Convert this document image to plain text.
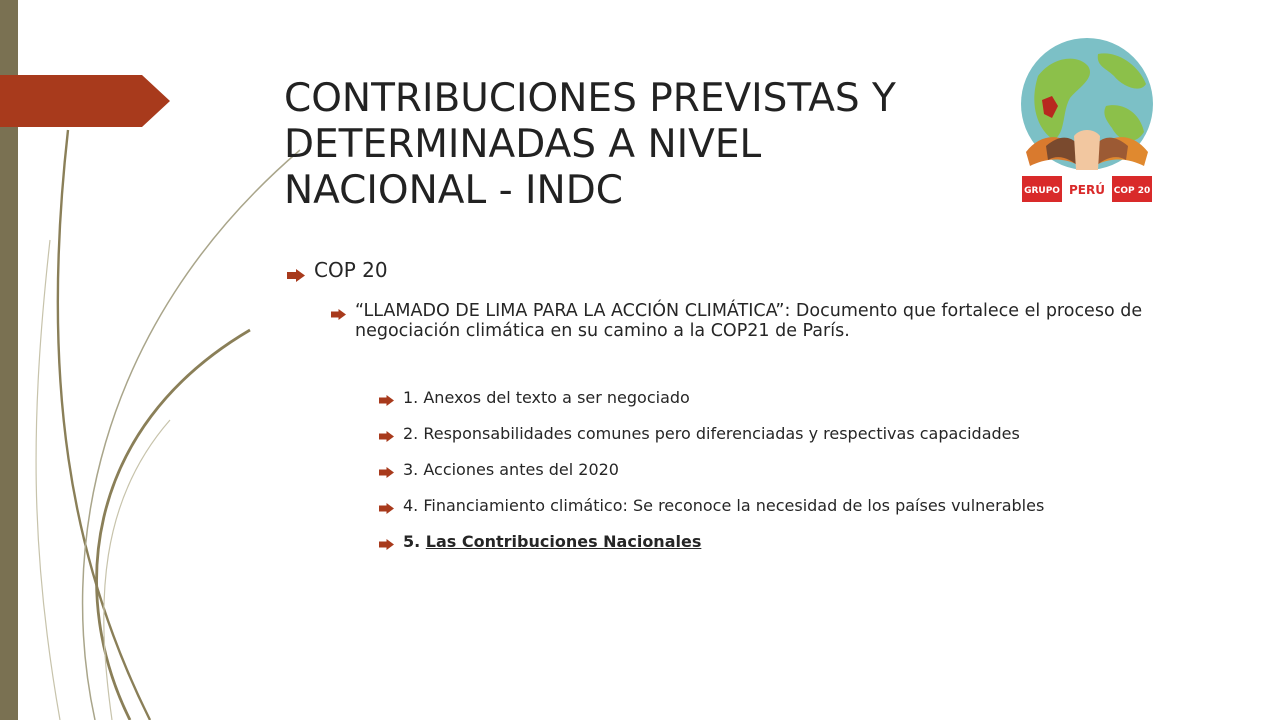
CONTRIBUCIONES PREVISTAS Y DETERMINADAS A NIVEL NACIONAL - INDC	GRUPO PERÚ COP 20
COP 20
“LLAMADO DE LIMA PARA LA ACCIÓN CLIMÁTICA”: Documento que fortalece el proceso de negociación climática en su camino a la COP21 de París.
1. Anexos del texto a ser negociado
2. Responsabilidades comunes pero diferenciadas y respectivas capacidades
3. Acciones antes del 2020
4. Financiamiento climático: Se reconoce la necesidad de los países vulnerables
5. Las Contribuciones Nacionales
